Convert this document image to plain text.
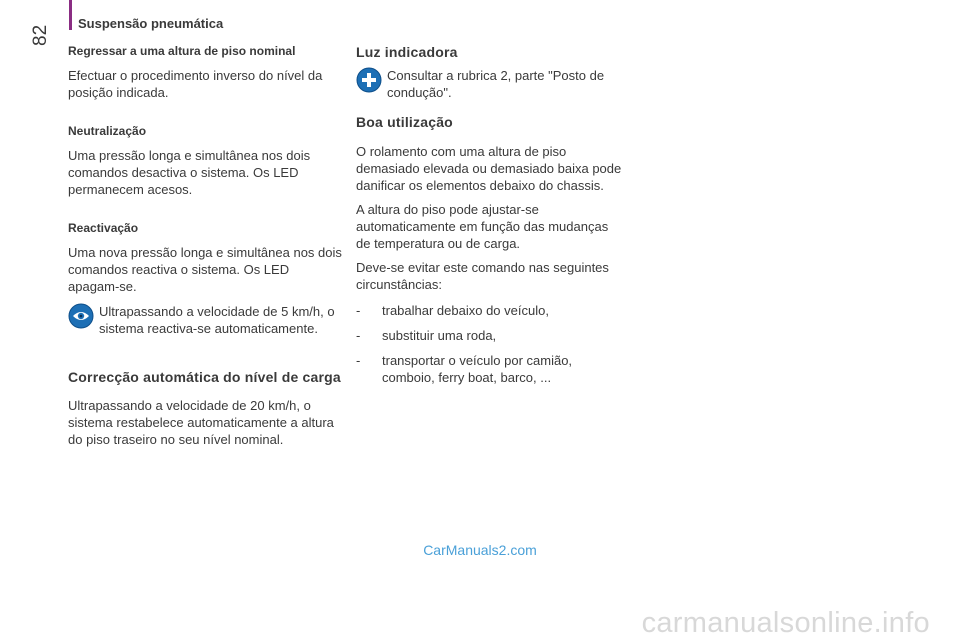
Suspensão pneumática
82
Regressar a uma altura de piso nominal

Efectuar o procedimento inverso do nível da posição indicada.

Neutralização

Uma pressão longa e simultânea nos dois comandos desactiva o sistema. Os LED permanecem acesos.

Reactivação

Uma nova pressão longa e simultânea nos dois comandos reactiva o sistema. Os LED apagam-se.

Ultrapassando a velocidade de 5 km/h, o sistema reactiva-se automaticamente.

Correcção automática do nível de carga

Ultrapassando a velocidade de 20 km/h, o sistema restabelece automaticamente a altura do piso traseiro no seu nível nominal.

Luz indicadora

Consultar a rubrica 2, parte "Posto de condução".

Boa utilização

O rolamento com uma altura de piso demasiado elevada ou demasiado baixa pode danificar os elementos debaixo do chassis.

A altura do piso pode ajustar-se automaticamente em função das mudanças de temperatura ou de carga.

Deve-se evitar este comando nas seguintes circunstâncias:

- trabalhar debaixo do veículo,
- substituir uma roda,
- transportar o veículo por camião, comboio, ferry boat, barco, ...
CarManuals2.com
carmanualsonline.info
